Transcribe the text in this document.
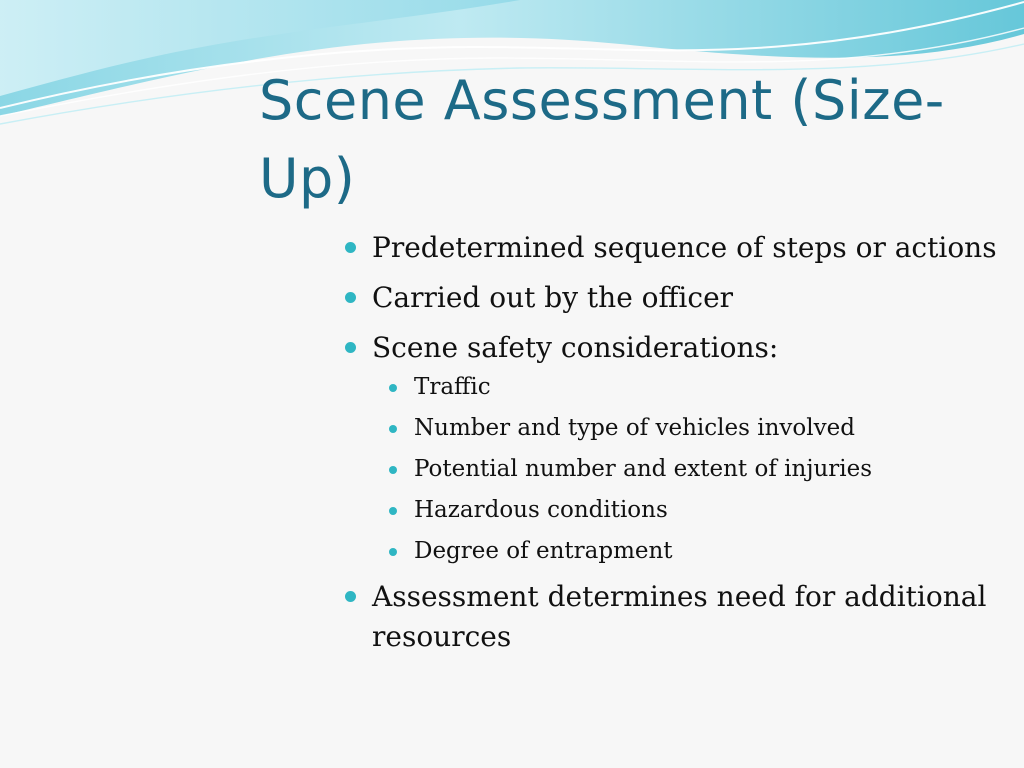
Scene Assessment (Size-Up)
Predetermined sequence of steps or actions
Carried out by the officer
Scene safety considerations:
Traffic
Number and type of vehicles involved
Potential number and extent of injuries
Hazardous conditions
Degree of entrapment
Assessment determines need for additional resources
